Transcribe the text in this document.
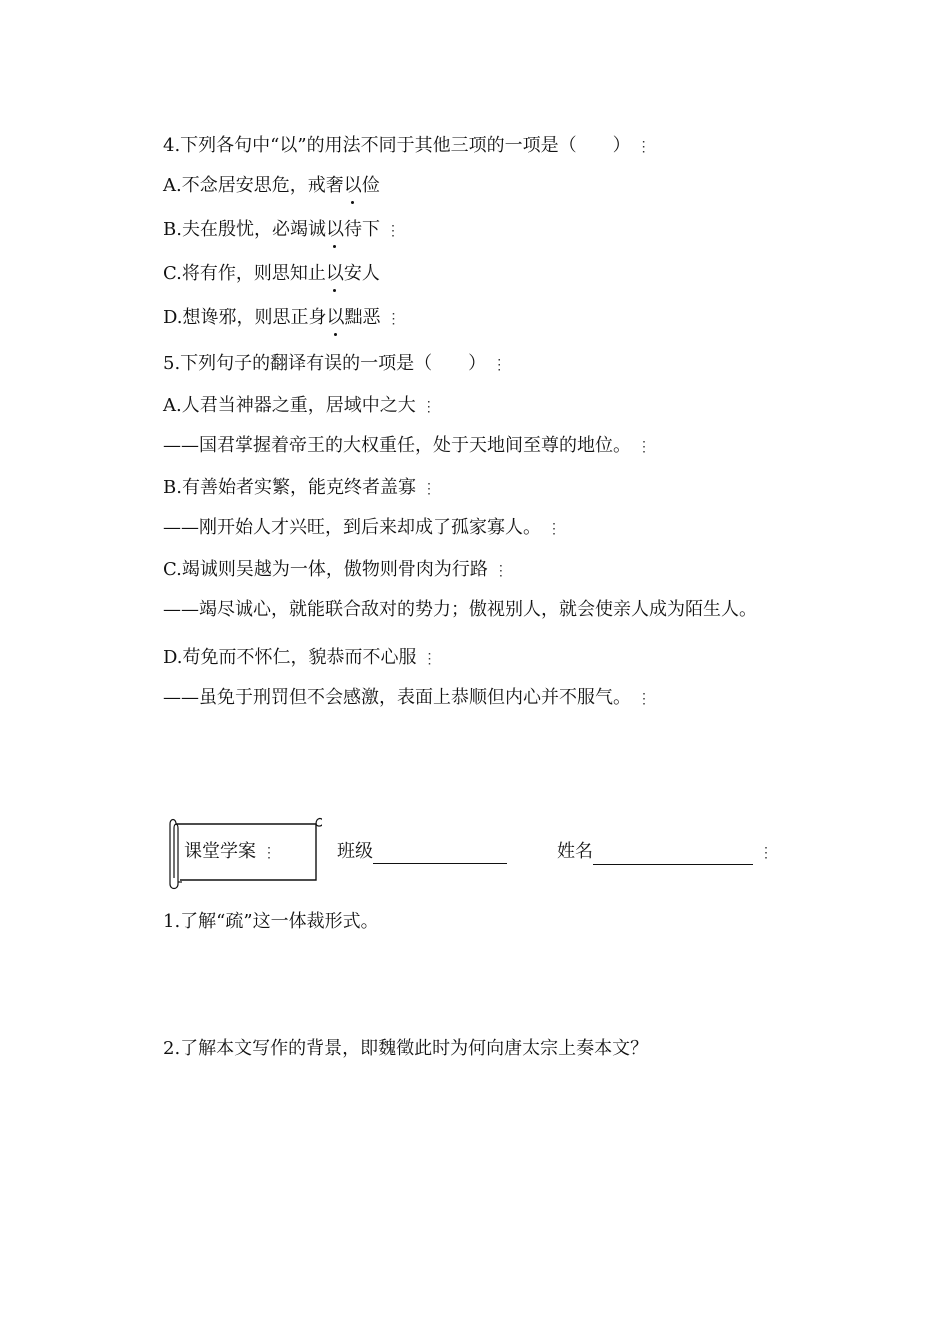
4.下列各句中“以”的用法不同于其他三项的一项是（　　） ⋮
A.不念居安思危，戒奢以俭
B.夫在殷忧，必竭诚以待下 ⋮
C.将有作，则思知止以安人
D.想谗邪，则思正身以黜恶 ⋮
5.下列句子的翻译有误的一项是（　　） ⋮
A.人君当神器之重，居域中之大 ⋮
——国君掌握着帝王的大权重任，处于天地间至尊的地位。 ⋮
B.有善始者实繁，能克终者盖寡 ⋮
——刚开始人才兴旺，到后来却成了孤家寡人。 ⋮
C.竭诚则吴越为一体，傲物则骨肉为行路 ⋮
——竭尽诚心，就能联合敌对的势力；傲视别人，就会使亲人成为陌生人。
D.苟免而不怀仁，貌恭而不心服 ⋮
——虽免于刑罚但不会感激，表面上恭顺但内心并不服气。 ⋮
课堂学案 ⋮	班级	姓名	⋮
1.了解“疏”这一体裁形式。
2.了解本文写作的背景，即魏徵此时为何向唐太宗上奏本文？
